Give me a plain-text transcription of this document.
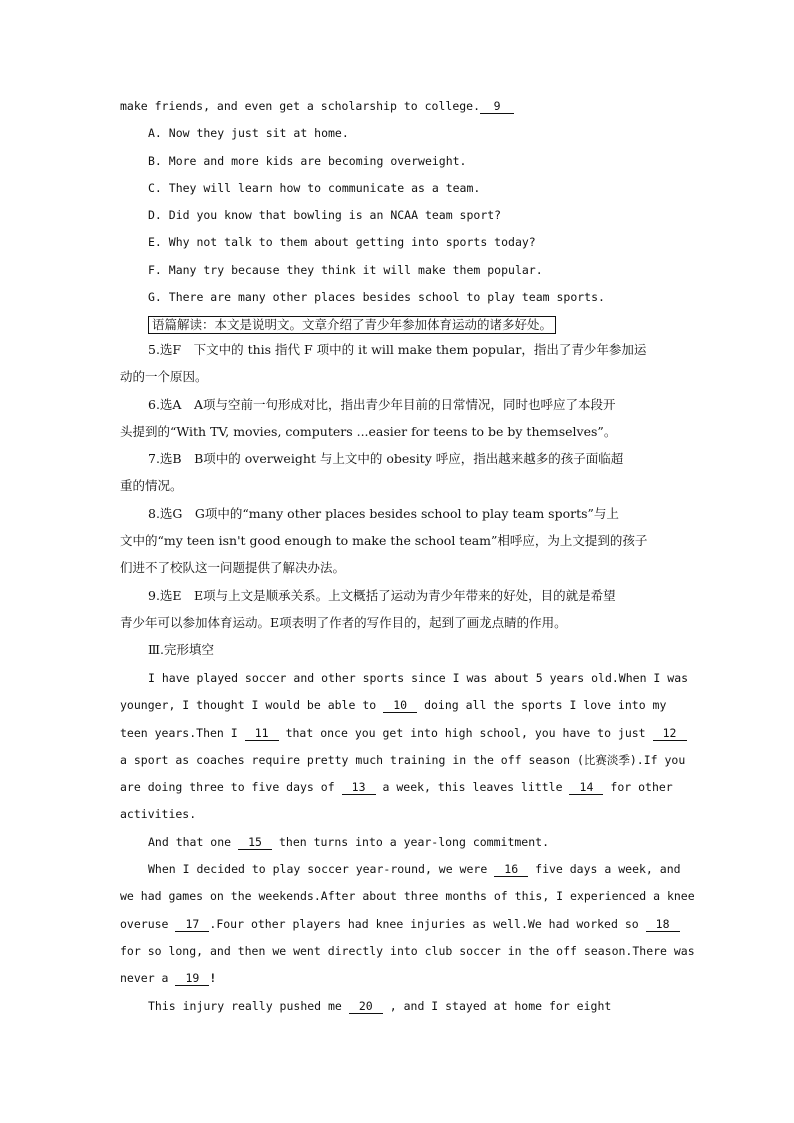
make friends, and even get a scholarship to college. 9
A. Now they just sit at home.
B. More and more kids are becoming overweight.
C. They will learn how to communicate as a team.
D. Did you know that bowling is an NCAA team sport?
E. Why not talk to them about getting into sports today?
F. Many try because they think it will make them popular.
G. There are many other places besides school to play team sports.
语篇解读：本文是说明文。文章介绍了青少年参加体育运动的诸多好处。
5.选F　下文中的 this 指代 F 项中的 it will make them popular，指出了青少年参加运
动的一个原因。
6.选A　A项与空前一句形成对比，指出青少年目前的日常情况，同时也呼应了本段开
头提到的“With TV, movies, computers ...easier for teens to be by themselves”。
7.选B　B项中的 overweight 与上文中的 obesity 呼应，指出越来越多的孩子面临超
重的情况。
8.选G　G项中的“many other places besides school to play team sports”与上
文中的“my teen isn't good enough to make the school team”相呼应，为上文提到的孩子
们进不了校队这一问题提供了解决办法。
9.选E　E项与上文是顺承关系。上文概括了运动为青少年带来的好处，目的就是希望
青少年可以参加体育运动。E项表明了作者的写作目的，起到了画龙点睛的作用。
Ⅲ.完形填空
I have played soccer and other sports since I was about 5 years old.When I was
younger, I thought I would be able to 10 doing all the sports I love into my
teen years.Then I 11 that once you get into high school, you have to just 12
a sport as coaches require pretty much training in the off season (比赛淡季).If you
are doing three to five days of 13 a week, this leaves little 14 for other
activities.
And that one 15 then turns into a year-long commitment.
When I decided to play soccer year-round, we were 16 five days a week, and
we had games on the weekends.After about three months of this, I experienced a knee
overuse 17 .Four other players had knee injuries as well.We had worked so 18
for so long, and then we went directly into club soccer in the off season.There was
never a 19 !
This injury really pushed me 20 , and I stayed at home for eight
